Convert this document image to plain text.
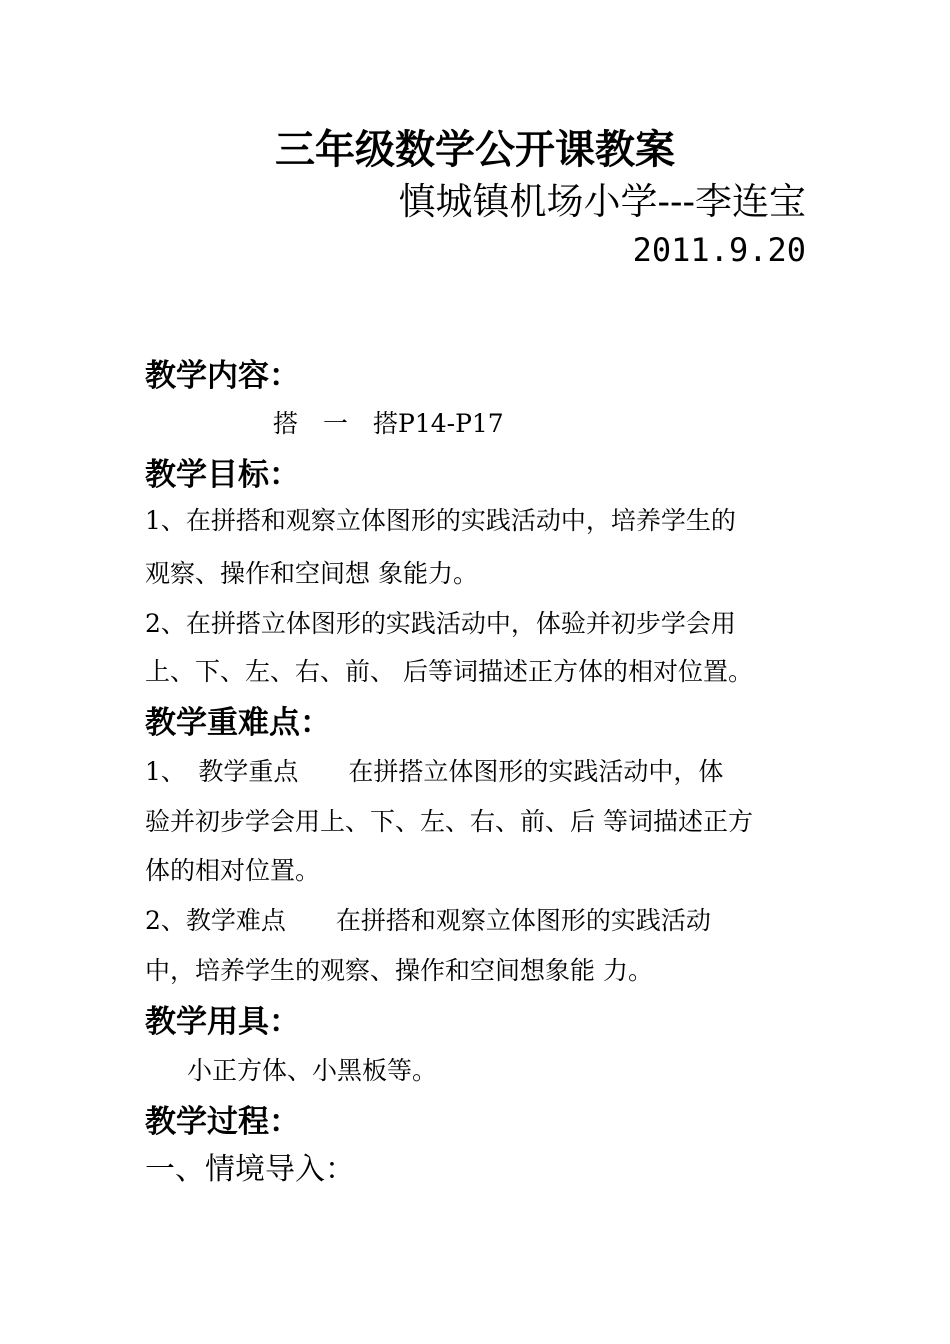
三年级数学公开课教案
慎城镇机场小学---李连宝
2011.9.20
教学内容：
搭　一　搭P14-P17
教学目标：
1、在拼搭和观察立体图形的实践活动中，培养学生的
观察、操作和空间想 象能力。
2、在拼搭立体图形的实践活动中，体验并初步学会用
上、下、左、右、前、 后等词描述正方体的相对位置。
教学重难点：
1、　教学重点　　在拼搭立体图形的实践活动中，体
验并初步学会用上、下、左、右、前、后 等词描述正方
体的相对位置。
2、教学难点　　在拼搭和观察立体图形的实践活动
中，培养学生的观察、操作和空间想象能 力。
教学用具：
小正方体、小黑板等。
教学过程：
一、情境导入：
